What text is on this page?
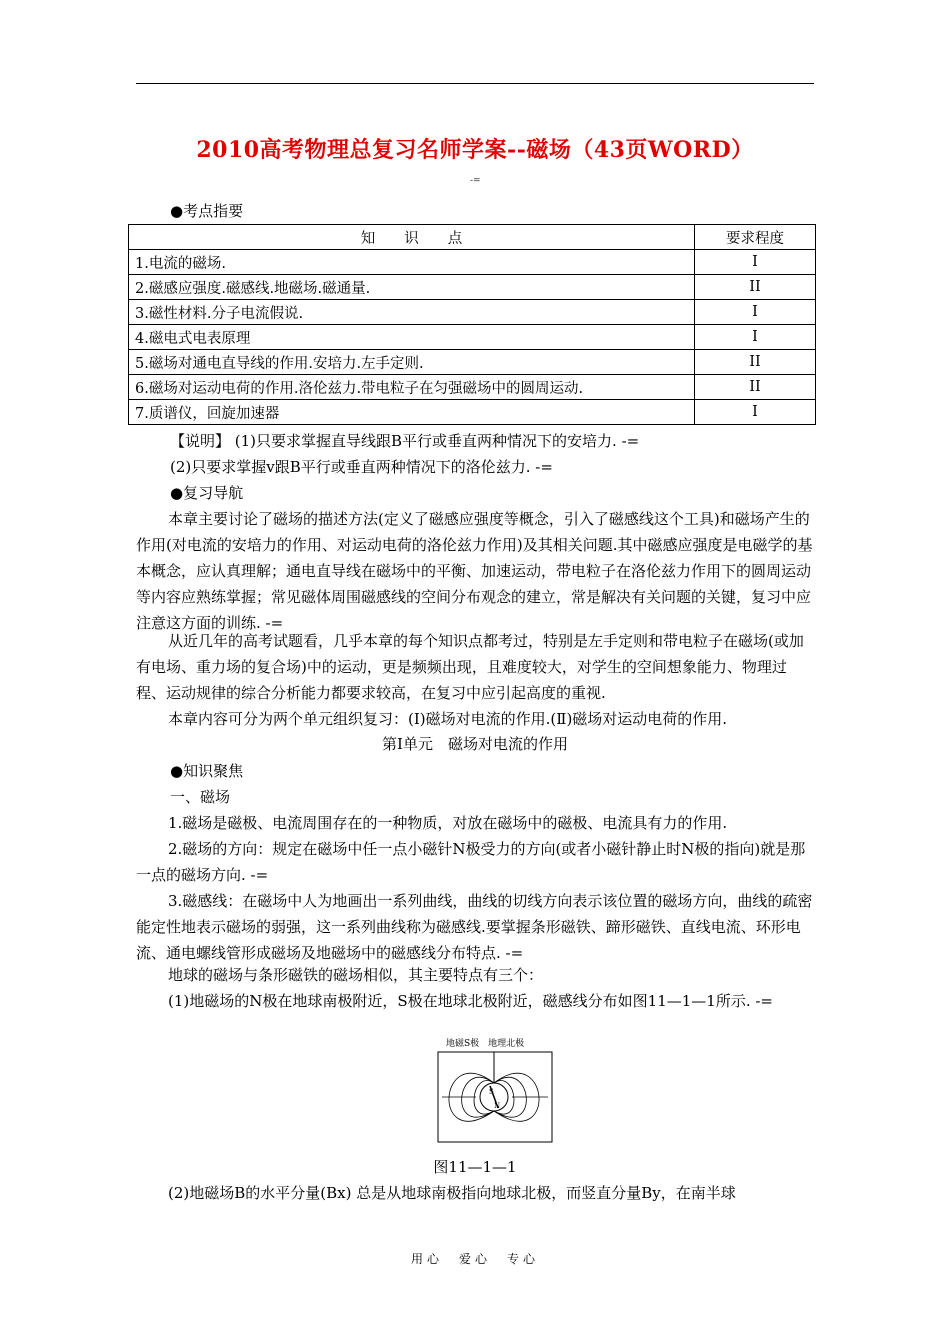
2010高考物理总复习名师学案--磁场（43页WORD）
-=
●考点指要
知　　识　　点	要求程度
1.电流的磁场.	I
2.磁感应强度.磁感线.地磁场.磁通量.	II
3.磁性材料.分子电流假说.	I
4.磁电式电表原理	I
5.磁场对通电直导线的作用.安培力.左手定则.	II
6.磁场对运动电荷的作用.洛伦兹力.带电粒子在匀强磁场中的圆周运动.	II
7.质谱仪，回旋加速器	I
【说明】 (1)只要求掌握直导线跟B平行或垂直两种情况下的安培力. -=
(2)只要求掌握v跟B平行或垂直两种情况下的洛伦兹力. -=
●复习导航
本章主要讨论了磁场的描述方法(定义了磁感应强度等概念，引入了磁感线这个工具)和磁场产生的作用(对电流的安培力的作用、对运动电荷的洛伦兹力作用)及其相关问题.其中磁感应强度是电磁学的基本概念，应认真理解；通电直导线在磁场中的平衡、加速运动，带电粒子在洛伦兹力作用下的圆周运动等内容应熟练掌握；常见磁体周围磁感线的空间分布观念的建立，常是解决有关问题的关键，复习中应注意这方面的训练. -=
从近几年的高考试题看，几乎本章的每个知识点都考过，特别是左手定则和带电粒子在磁场(或加有电场、重力场的复合场)中的运动，更是频频出现，且难度较大，对学生的空间想象能力、物理过程、运动规律的综合分析能力都要求较高，在复习中应引起高度的重视.
本章内容可分为两个单元组织复习：(Ⅰ)磁场对电流的作用.(Ⅱ)磁场对运动电荷的作用.
第Ⅰ单元　磁场对电流的作用
●知识聚焦
一、磁场
1.磁场是磁极、电流周围存在的一种物质，对放在磁场中的磁极、电流具有力的作用.
2.磁场的方向：规定在磁场中任一点小磁针N极受力的方向(或者小磁针静止时N极的指向)就是那一点的磁场方向. -=
3.磁感线：在磁场中人为地画出一系列曲线，曲线的切线方向表示该位置的磁场方向，曲线的疏密能定性地表示磁场的弱强，这一系列曲线称为磁感线.要掌握条形磁铁、蹄形磁铁、直线电流、环形电流、通电螺线管形成磁场及地磁场中的磁感线分布特点. -=
地球的磁场与条形磁铁的磁场相似，其主要特点有三个：
(1)地磁场的N极在地球南极附近，S极在地球北极附近，磁感线分布如图11—1—1所示. -=
地磁S极　地理北极
S
N
图11—1—1
(2)地磁场B的水平分量(Bx) 总是从地球南极指向地球北极，而竖直分量By，在南半球
用心　爱心　专心
